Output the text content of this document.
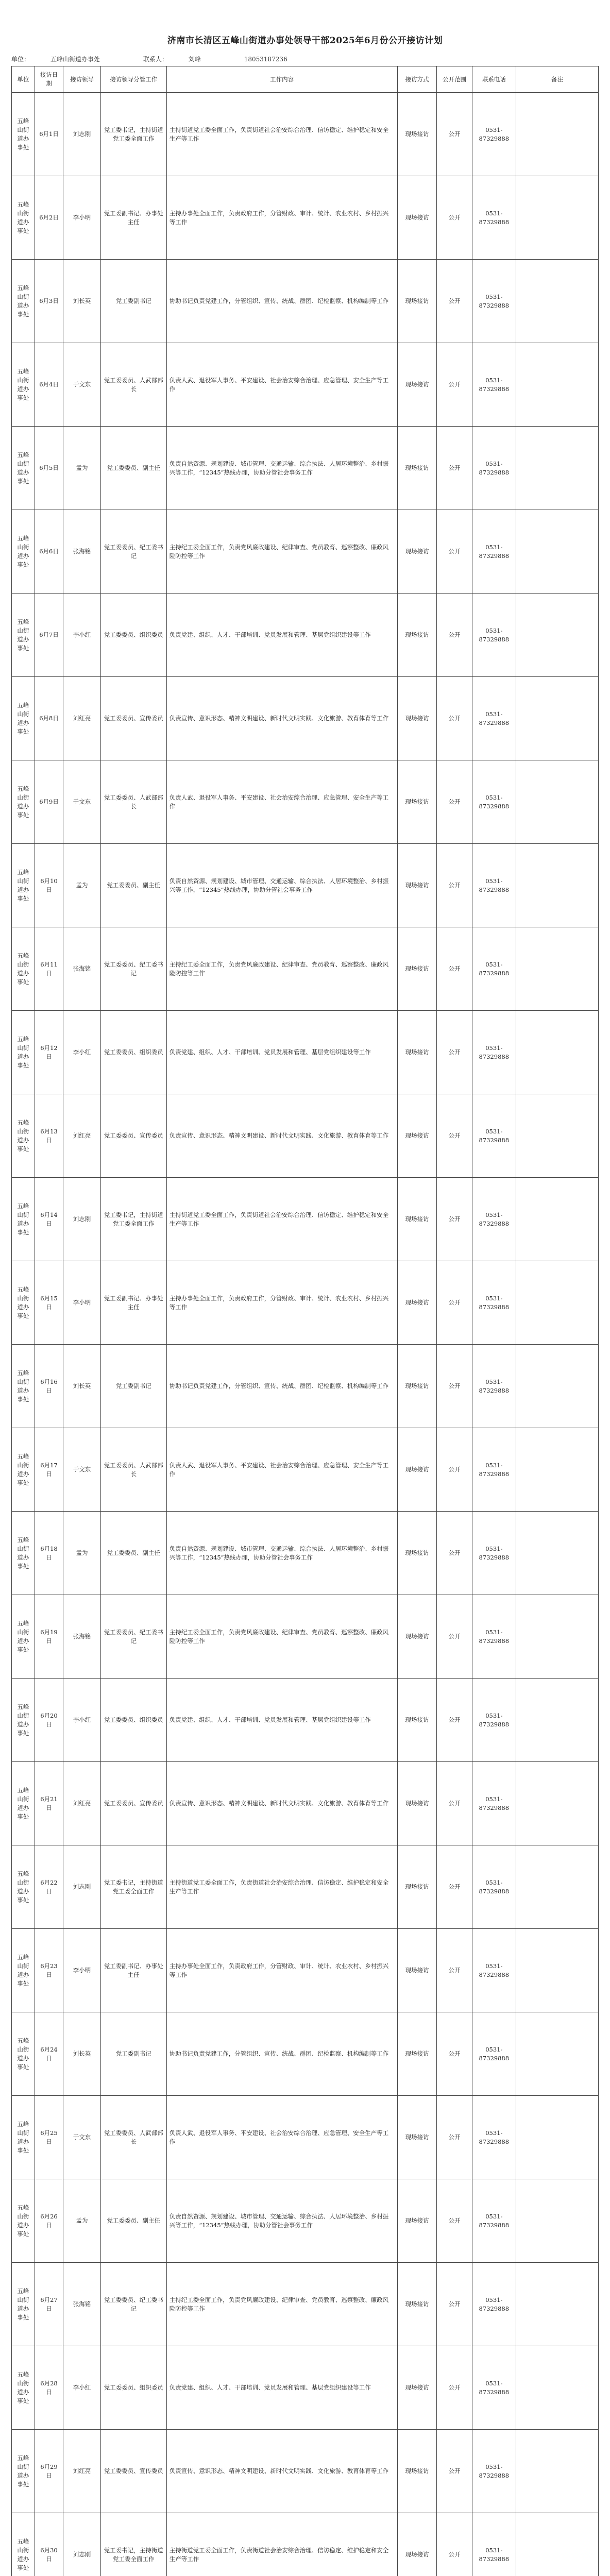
济南市长清区五峰山街道办事处领导干部2025年6月份公开接访计划
单位：	五峰山街道办事处	联系人：	刘峰	18053187236
单位	接访日期	接访领导	接访领导分管工作	工作内容	接访方式	公开范围	联系电话	备注
五峰山街道办事处	6月1日	刘志刚	党工委书记，主持街道党工委全面工作	主持街道党工委全面工作，负责街道社会治安综合治理、信访稳定、维护稳定和安全生产等工作	现场接访	公开	0531-
87329888	

五峰山街道办事处	6月2日	李小明	党工委副书记、办事处主任	主持办事处全面工作，负责政府工作，分管财政、审计、统计、农业农村、乡村振兴等工作	现场接访	公开	0531-
87329888	

五峰山街道办事处	6月3日	刘长英	党工委副书记	协助书记负责党建工作，分管组织、宣传、统战、群团、纪检监察、机构编制等工作	现场接访	公开	0531-
87329888	

五峰山街道办事处	6月4日	于文东	党工委委员、人武部部长	负责人武、退役军人事务、平安建设、社会治安综合治理、应急管理、安全生产等工作	现场接访	公开	0531-
87329888	

五峰山街道办事处	6月5日	孟为	党工委委员、副主任	负责自然资源、规划建设、城市管理、交通运输、综合执法、人居环境整治、乡村振兴等工作，“12345”热线办理，协助分管社会事务工作	现场接访	公开	0531-
87329888	

五峰山街道办事处	6月6日	张海铭	党工委委员、纪工委书记	主持纪工委全面工作，负责党风廉政建设、纪律审查、党员教育、巡察整改、廉政风险防控等工作	现场接访	公开	0531-
87329888	

五峰山街道办事处	6月7日	李小红	党工委委员、组织委员	负责党建、组织、人才、干部培训、党员发展和管理、基层党组织建设等工作	现场接访	公开	0531-
87329888	

五峰山街道办事处	6月8日	刘红亮	党工委委员、宣传委员	负责宣传、意识形态、精神文明建设、新时代文明实践、文化旅游、教育体育等工作	现场接访	公开	0531-
87329888	

五峰山街道办事处	6月9日	于文东	党工委委员、人武部部长	负责人武、退役军人事务、平安建设、社会治安综合治理、应急管理、安全生产等工作	现场接访	公开	0531-
87329888	

五峰山街道办事处	6月10日	孟为	党工委委员、副主任	负责自然资源、规划建设、城市管理、交通运输、综合执法、人居环境整治、乡村振兴等工作，“12345”热线办理，协助分管社会事务工作	现场接访	公开	0531-
87329888	

五峰山街道办事处	6月11日	张海铭	党工委委员、纪工委书记	主持纪工委全面工作，负责党风廉政建设、纪律审查、党员教育、巡察整改、廉政风险防控等工作	现场接访	公开	0531-
87329888	

五峰山街道办事处	6月12日	李小红	党工委委员、组织委员	负责党建、组织、人才、干部培训、党员发展和管理、基层党组织建设等工作	现场接访	公开	0531-
87329888	

五峰山街道办事处	6月13日	刘红亮	党工委委员、宣传委员	负责宣传、意识形态、精神文明建设、新时代文明实践、文化旅游、教育体育等工作	现场接访	公开	0531-
87329888	

五峰山街道办事处	6月14日	刘志刚	党工委书记，主持街道党工委全面工作	主持街道党工委全面工作，负责街道社会治安综合治理、信访稳定、维护稳定和安全生产等工作	现场接访	公开	0531-
87329888	

五峰山街道办事处	6月15日	李小明	党工委副书记、办事处主任	主持办事处全面工作，负责政府工作，分管财政、审计、统计、农业农村、乡村振兴等工作	现场接访	公开	0531-
87329888	

五峰山街道办事处	6月16日	刘长英	党工委副书记	协助书记负责党建工作，分管组织、宣传、统战、群团、纪检监察、机构编制等工作	现场接访	公开	0531-
87329888	

五峰山街道办事处	6月17日	于文东	党工委委员、人武部部长	负责人武、退役军人事务、平安建设、社会治安综合治理、应急管理、安全生产等工作	现场接访	公开	0531-
87329888	

五峰山街道办事处	6月18日	孟为	党工委委员、副主任	负责自然资源、规划建设、城市管理、交通运输、综合执法、人居环境整治、乡村振兴等工作，“12345”热线办理，协助分管社会事务工作	现场接访	公开	0531-
87329888	

五峰山街道办事处	6月19日	张海铭	党工委委员、纪工委书记	主持纪工委全面工作，负责党风廉政建设、纪律审查、党员教育、巡察整改、廉政风险防控等工作	现场接访	公开	0531-
87329888	

五峰山街道办事处	6月20日	李小红	党工委委员、组织委员	负责党建、组织、人才、干部培训、党员发展和管理、基层党组织建设等工作	现场接访	公开	0531-
87329888	

五峰山街道办事处	6月21日	刘红亮	党工委委员、宣传委员	负责宣传、意识形态、精神文明建设、新时代文明实践、文化旅游、教育体育等工作	现场接访	公开	0531-
87329888	

五峰山街道办事处	6月22日	刘志刚	党工委书记，主持街道党工委全面工作	主持街道党工委全面工作，负责街道社会治安综合治理、信访稳定、维护稳定和安全生产等工作	现场接访	公开	0531-
87329888	

五峰山街道办事处	6月23日	李小明	党工委副书记、办事处主任	主持办事处全面工作，负责政府工作，分管财政、审计、统计、农业农村、乡村振兴等工作	现场接访	公开	0531-
87329888	

五峰山街道办事处	6月24日	刘长英	党工委副书记	协助书记负责党建工作，分管组织、宣传、统战、群团、纪检监察、机构编制等工作	现场接访	公开	0531-
87329888	

五峰山街道办事处	6月25日	于文东	党工委委员、人武部部长	负责人武、退役军人事务、平安建设、社会治安综合治理、应急管理、安全生产等工作	现场接访	公开	0531-
87329888	

五峰山街道办事处	6月26日	孟为	党工委委员、副主任	负责自然资源、规划建设、城市管理、交通运输、综合执法、人居环境整治、乡村振兴等工作，“12345”热线办理，协助分管社会事务工作	现场接访	公开	0531-
87329888	

五峰山街道办事处	6月27日	张海铭	党工委委员、纪工委书记	主持纪工委全面工作，负责党风廉政建设、纪律审查、党员教育、巡察整改、廉政风险防控等工作	现场接访	公开	0531-
87329888	

五峰山街道办事处	6月28日	李小红	党工委委员、组织委员	负责党建、组织、人才、干部培训、党员发展和管理、基层党组织建设等工作	现场接访	公开	0531-
87329888	

五峰山街道办事处	6月29日	刘红亮	党工委委员、宣传委员	负责宣传、意识形态、精神文明建设、新时代文明实践、文化旅游、教育体育等工作	现场接访	公开	0531-
87329888	

五峰山街道办事处	6月30日	刘志刚	党工委书记，主持街道党工委全面工作	主持街道党工委全面工作，负责街道社会治安综合治理、信访稳定、维护稳定和安全生产等工作	现场接访	公开	0531-
87329888	
